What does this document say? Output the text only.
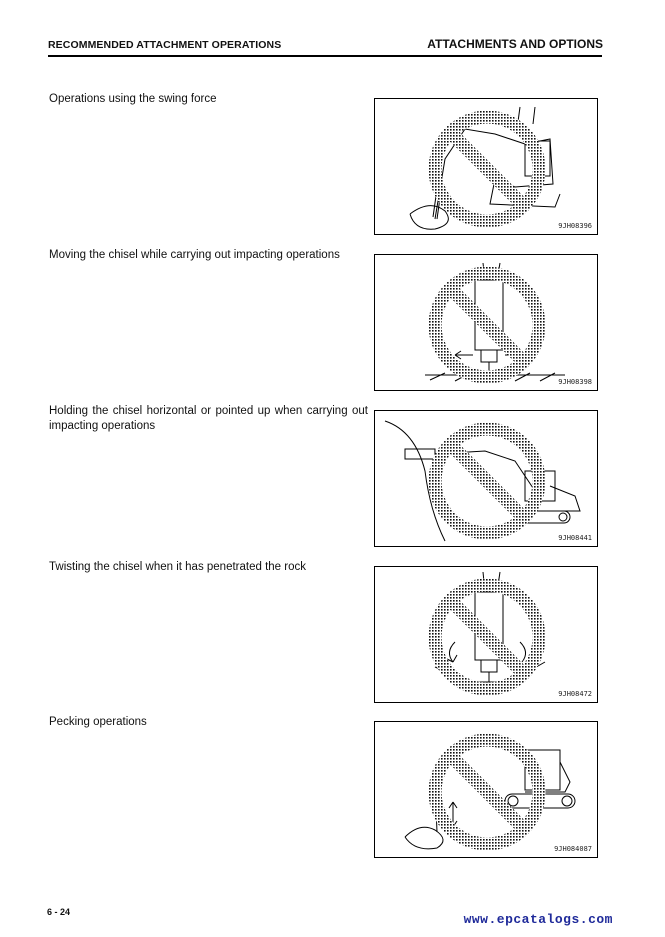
RECOMMENDED ATTACHMENT OPERATIONS	ATTACHMENTS AND OPTIONS
Operations using the swing force
9JH08396
Moving the chisel while carrying out impacting operations
9JH08398
Holding the chisel horizontal or pointed up when carrying out impacting operations
9JH08441
Twisting the chisel when it has penetrated the rock
9JH08472
Pecking operations
9JH084087
6 - 24	www.epcatalogs.com
